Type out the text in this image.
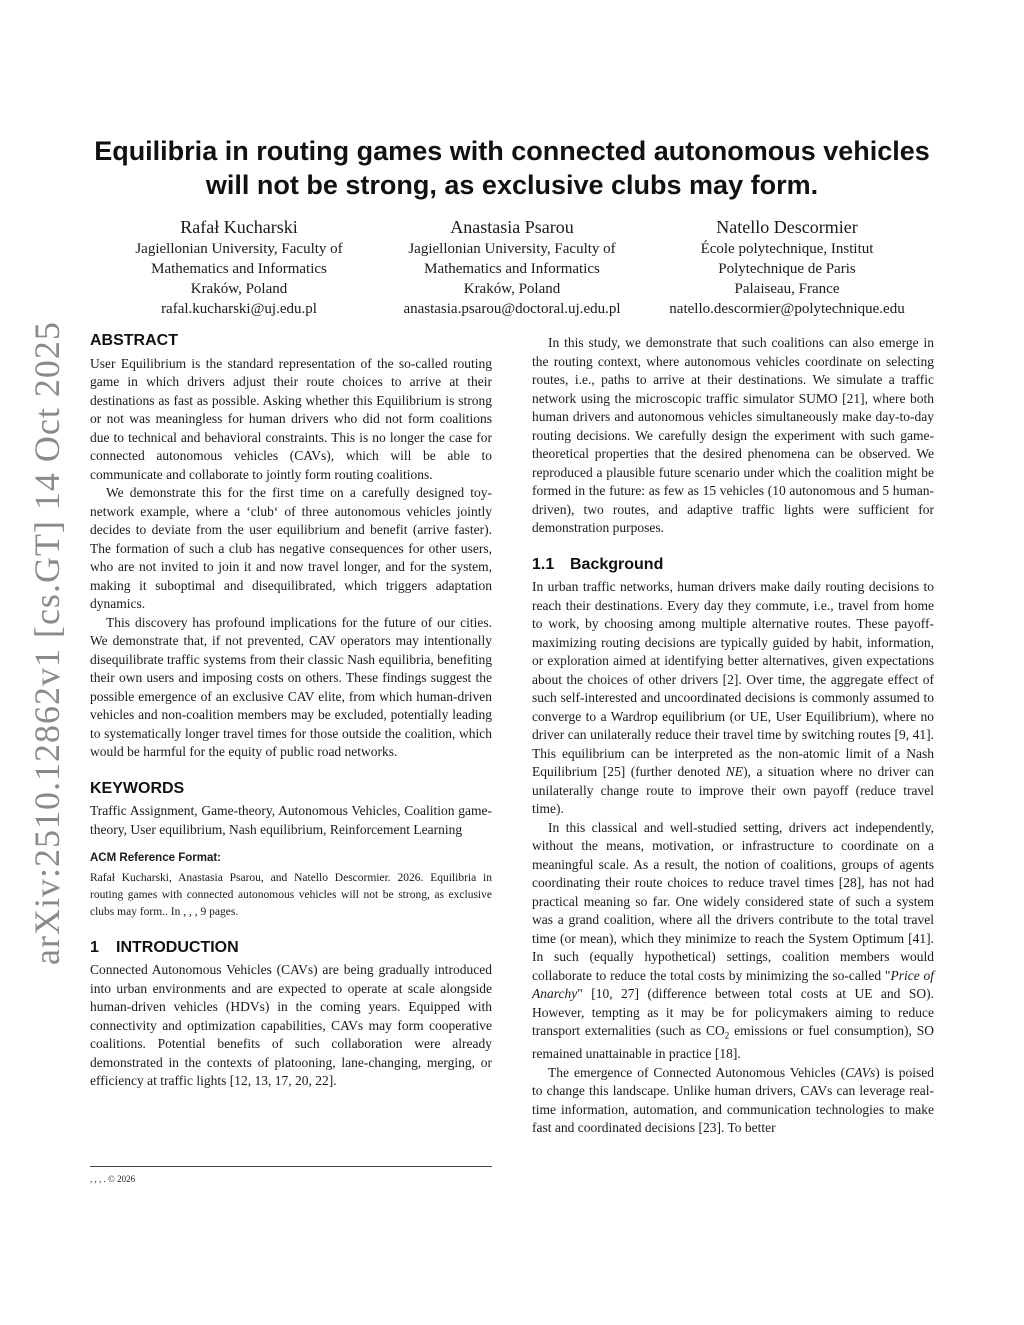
arXiv:2510.12862v1 [cs.GT] 14 Oct 2025
Equilibria in routing games with connected autonomous vehicles
will not be strong, as exclusive clubs may form.
Rafał Kucharski
Jagiellonian University, Faculty of
Mathematics and Informatics
Kraków, Poland
rafal.kucharski@uj.edu.pl
Anastasia Psarou
Jagiellonian University, Faculty of
Mathematics and Informatics
Kraków, Poland
anastasia.psarou@doctoral.uj.edu.pl
Natello Descormier
École polytechnique, Institut
Polytechnique de Paris
Palaiseau, France
natello.descormier@polytechnique.edu
ABSTRACT

User Equilibrium is the standard representation of the so-called routing game in which drivers adjust their route choices to arrive at their destinations as fast as possible. Asking whether this Equilibrium is strong or not was meaningless for human drivers who did not form coalitions due to technical and behavioral constraints. This is no longer the case for connected autonomous vehicles (CAVs), which will be able to communicate and collaborate to jointly form routing coalitions.

We demonstrate this for the first time on a carefully designed toy-network example, where a ‘club‘ of three autonomous vehicles jointly decides to deviate from the user equilibrium and benefit (arrive faster). The formation of such a club has negative consequences for other users, who are not invited to join it and now travel longer, and for the system, making it suboptimal and disequilibrated, which triggers adaptation dynamics.

This discovery has profound implications for the future of our cities. We demonstrate that, if not prevented, CAV operators may intentionally disequilibrate traffic systems from their classic Nash equilibria, benefiting their own users and imposing costs on others. These findings suggest the possible emergence of an exclusive CAV elite, from which human-driven vehicles and non-coalition members may be excluded, potentially leading to systematically longer travel times for those outside the coalition, which would be harmful for the equity of public road networks.

KEYWORDS

Traffic Assignment, Game-theory, Autonomous Vehicles, Coalition game-theory, User equilibrium, Nash equilibrium, Reinforcement Learning

ACM Reference Format:

Rafał Kucharski, Anastasia Psarou, and Natello Descormier. 2026. Equilibria in routing games with connected autonomous vehicles will not be strong, as exclusive clubs may form.. In , , , 9 pages.

1 INTRODUCTION

Connected Autonomous Vehicles (CAVs) are being gradually introduced into urban environments and are expected to operate at scale alongside human-driven vehicles (HDVs) in the coming years. Equipped with connectivity and optimization capabilities, CAVs may form cooperative coalitions. Potential benefits of such collaboration were already demonstrated in the contexts of platooning, lane-changing, merging, or efficiency at traffic lights [12, 13, 17, 20, 22].

, , , . © 2026

In this study, we demonstrate that such coalitions can also emerge in the routing context, where autonomous vehicles coordinate on selecting routes, i.e., paths to arrive at their destinations. We simulate a traffic network using the microscopic traffic simulator SUMO [21], where both human drivers and autonomous vehicles simultaneously make day-to-day routing decisions. We carefully design the experiment with such game-theoretical properties that the desired phenomena can be observed. We reproduced a plausible future scenario under which the coalition might be formed in the future: as few as 15 vehicles (10 autonomous and 5 human-driven), two routes, and adaptive traffic lights were sufficient for demonstration purposes.

1.1 Background

In urban traffic networks, human drivers make daily routing decisions to reach their destinations. Every day they commute, i.e., travel from home to work, by choosing among multiple alternative routes. These payoff-maximizing routing decisions are typically guided by habit, information, or exploration aimed at identifying better alternatives, given expectations about the choices of other drivers [2]. Over time, the aggregate effect of such self-interested and uncoordinated decisions is commonly assumed to converge to a Wardrop equilibrium (or UE, User Equilibrium), where no driver can unilaterally reduce their travel time by switching routes [9, 41]. This equilibrium can be interpreted as the non-atomic limit of a Nash Equilibrium [25] (further denoted NE), a situation where no driver can unilaterally change route to improve their own payoff (reduce travel time).

In this classical and well-studied setting, drivers act independently, without the means, motivation, or infrastructure to coordinate on a meaningful scale. As a result, the notion of coalitions, groups of agents coordinating their route choices to reduce travel times [28], has not had practical meaning so far. One widely considered state of such a system was a grand coalition, where all the drivers contribute to the total travel time (or mean), which they minimize to reach the System Optimum [41]. In such (equally hypothetical) settings, coalition members would collaborate to reduce the total costs by minimizing the so-called "Price of Anarchy" [10, 27] (difference between total costs at UE and SO). However, tempting as it may be for policymakers aiming to reduce transport externalities (such as $CO_2$ emissions or fuel consumption), SO remained unattainable in practice [18].

The emergence of Connected Autonomous Vehicles (CAVs) is poised to change this landscape. Unlike human drivers, CAVs can leverage real-time information, automation, and communication technologies to make fast and coordinated decisions [23]. To better
